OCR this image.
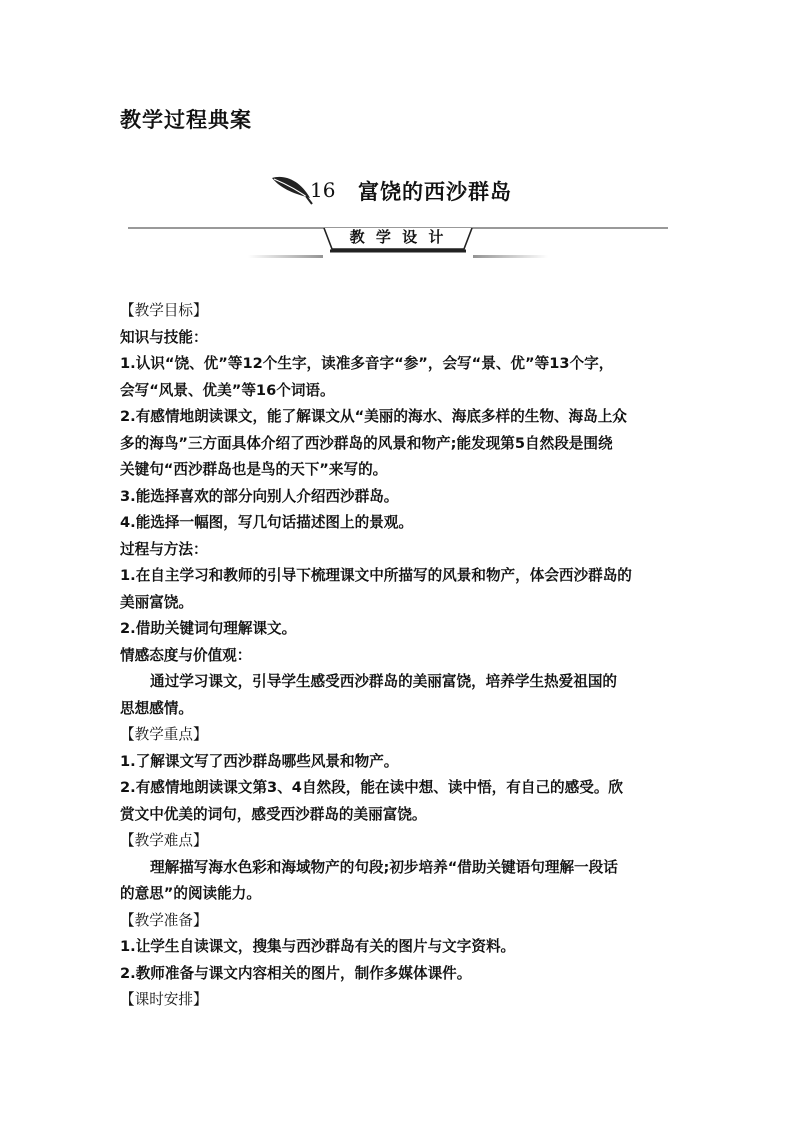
教学过程典案
16 富饶的西沙群岛
教 学 设 计

【教学目标】

知识与技能：

1.认识“饶、优”等12个生字，读准多音字“参”，会写“景、优”等13个字，

会写“风景、优美”等16个词语。

2.有感情地朗读课文，能了解课文从“美丽的海水、海底多样的生物、海岛上众

多的海鸟”三方面具体介绍了西沙群岛的风景和物产;能发现第5自然段是围绕

关键句“西沙群岛也是鸟的天下”来写的。

3.能选择喜欢的部分向别人介绍西沙群岛。

4.能选择一幅图，写几句话描述图上的景观。

过程与方法：

1.在自主学习和教师的引导下梳理课文中所描写的风景和物产，体会西沙群岛的

美丽富饶。

2.借助关键词句理解课文。

情感态度与价值观：

通过学习课文，引导学生感受西沙群岛的美丽富饶，培养学生热爱祖国的

思想感情。

【教学重点】

1.了解课文写了西沙群岛哪些风景和物产。

2.有感情地朗读课文第3、4自然段，能在读中想、读中悟，有自己的感受。欣

赏文中优美的词句，感受西沙群岛的美丽富饶。

【教学难点】

理解描写海水色彩和海域物产的句段;初步培养“借助关键语句理解一段话

的意思”的阅读能力。

【教学准备】

1.让学生自读课文，搜集与西沙群岛有关的图片与文字资料。

2.教师准备与课文内容相关的图片，制作多媒体课件。

【课时安排】
